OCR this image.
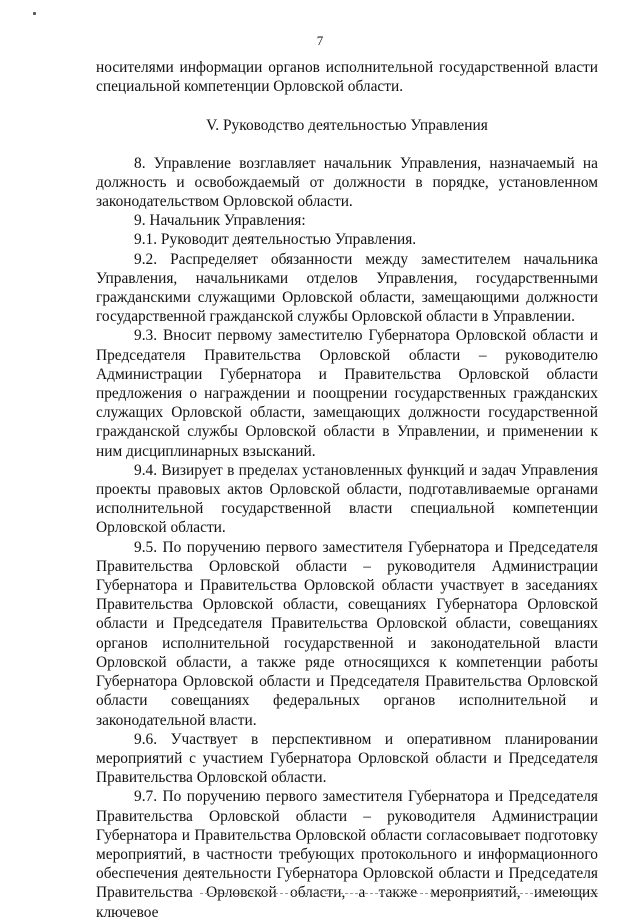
7

носителями информации органов исполнительной государственной власти специальной компетенции Орловской области.

V. Руководство деятельностью Управления

8. Управление возглавляет начальник Управления, назначаемый на должность и освобождаемый от должности в порядке, установленном законодательством Орловской области.

9. Начальник Управления:

9.1. Руководит деятельностью Управления.

9.2. Распределяет обязанности между заместителем начальника Управления, начальниками отделов Управления, государственными гражданскими служащими Орловской области, замещающими должности государственной гражданской службы Орловской области в Управлении.

9.3. Вносит первому заместителю Губернатора Орловской области и Председателя Правительства Орловской области – руководителю Администрации Губернатора и Правительства Орловской области предложения о награждении и поощрении государственных гражданских служащих Орловской области, замещающих должности государственной гражданской службы Орловской области в Управлении, и применении к ним дисциплинарных взысканий.

9.4. Визирует в пределах установленных функций и задач Управления проекты правовых актов Орловской области, подготавливаемые органами исполнительной государственной власти специальной компетенции Орловской области.

9.5. По поручению первого заместителя Губернатора и Председателя Правительства Орловской области – руководителя Администрации Губернатора и Правительства Орловской области участвует в заседаниях Правительства Орловской области, совещаниях Губернатора Орловской области и Председателя Правительства Орловской области, совещаниях органов исполнительной государственной и законодательной власти Орловской области, а также ряде относящихся к компетенции работы Губернатора Орловской области и Председателя Правительства Орловской области совещаниях федеральных органов исполнительной и законодательной власти.

9.6. Участвует в перспективном и оперативном планировании мероприятий с участием Губернатора Орловской области и Председателя Правительства Орловской области.

9.7. По поручению первого заместителя Губернатора и Председателя Правительства Орловской области – руководителя Администрации Губернатора и Правительства Орловской области согласовывает подготовку мероприятий, в частности требующих протокольного и информационного обеспечения деятельности Губернатора Орловской области и Председателя Правительства Орловской области, а также мероприятий, имеющих ключевое
